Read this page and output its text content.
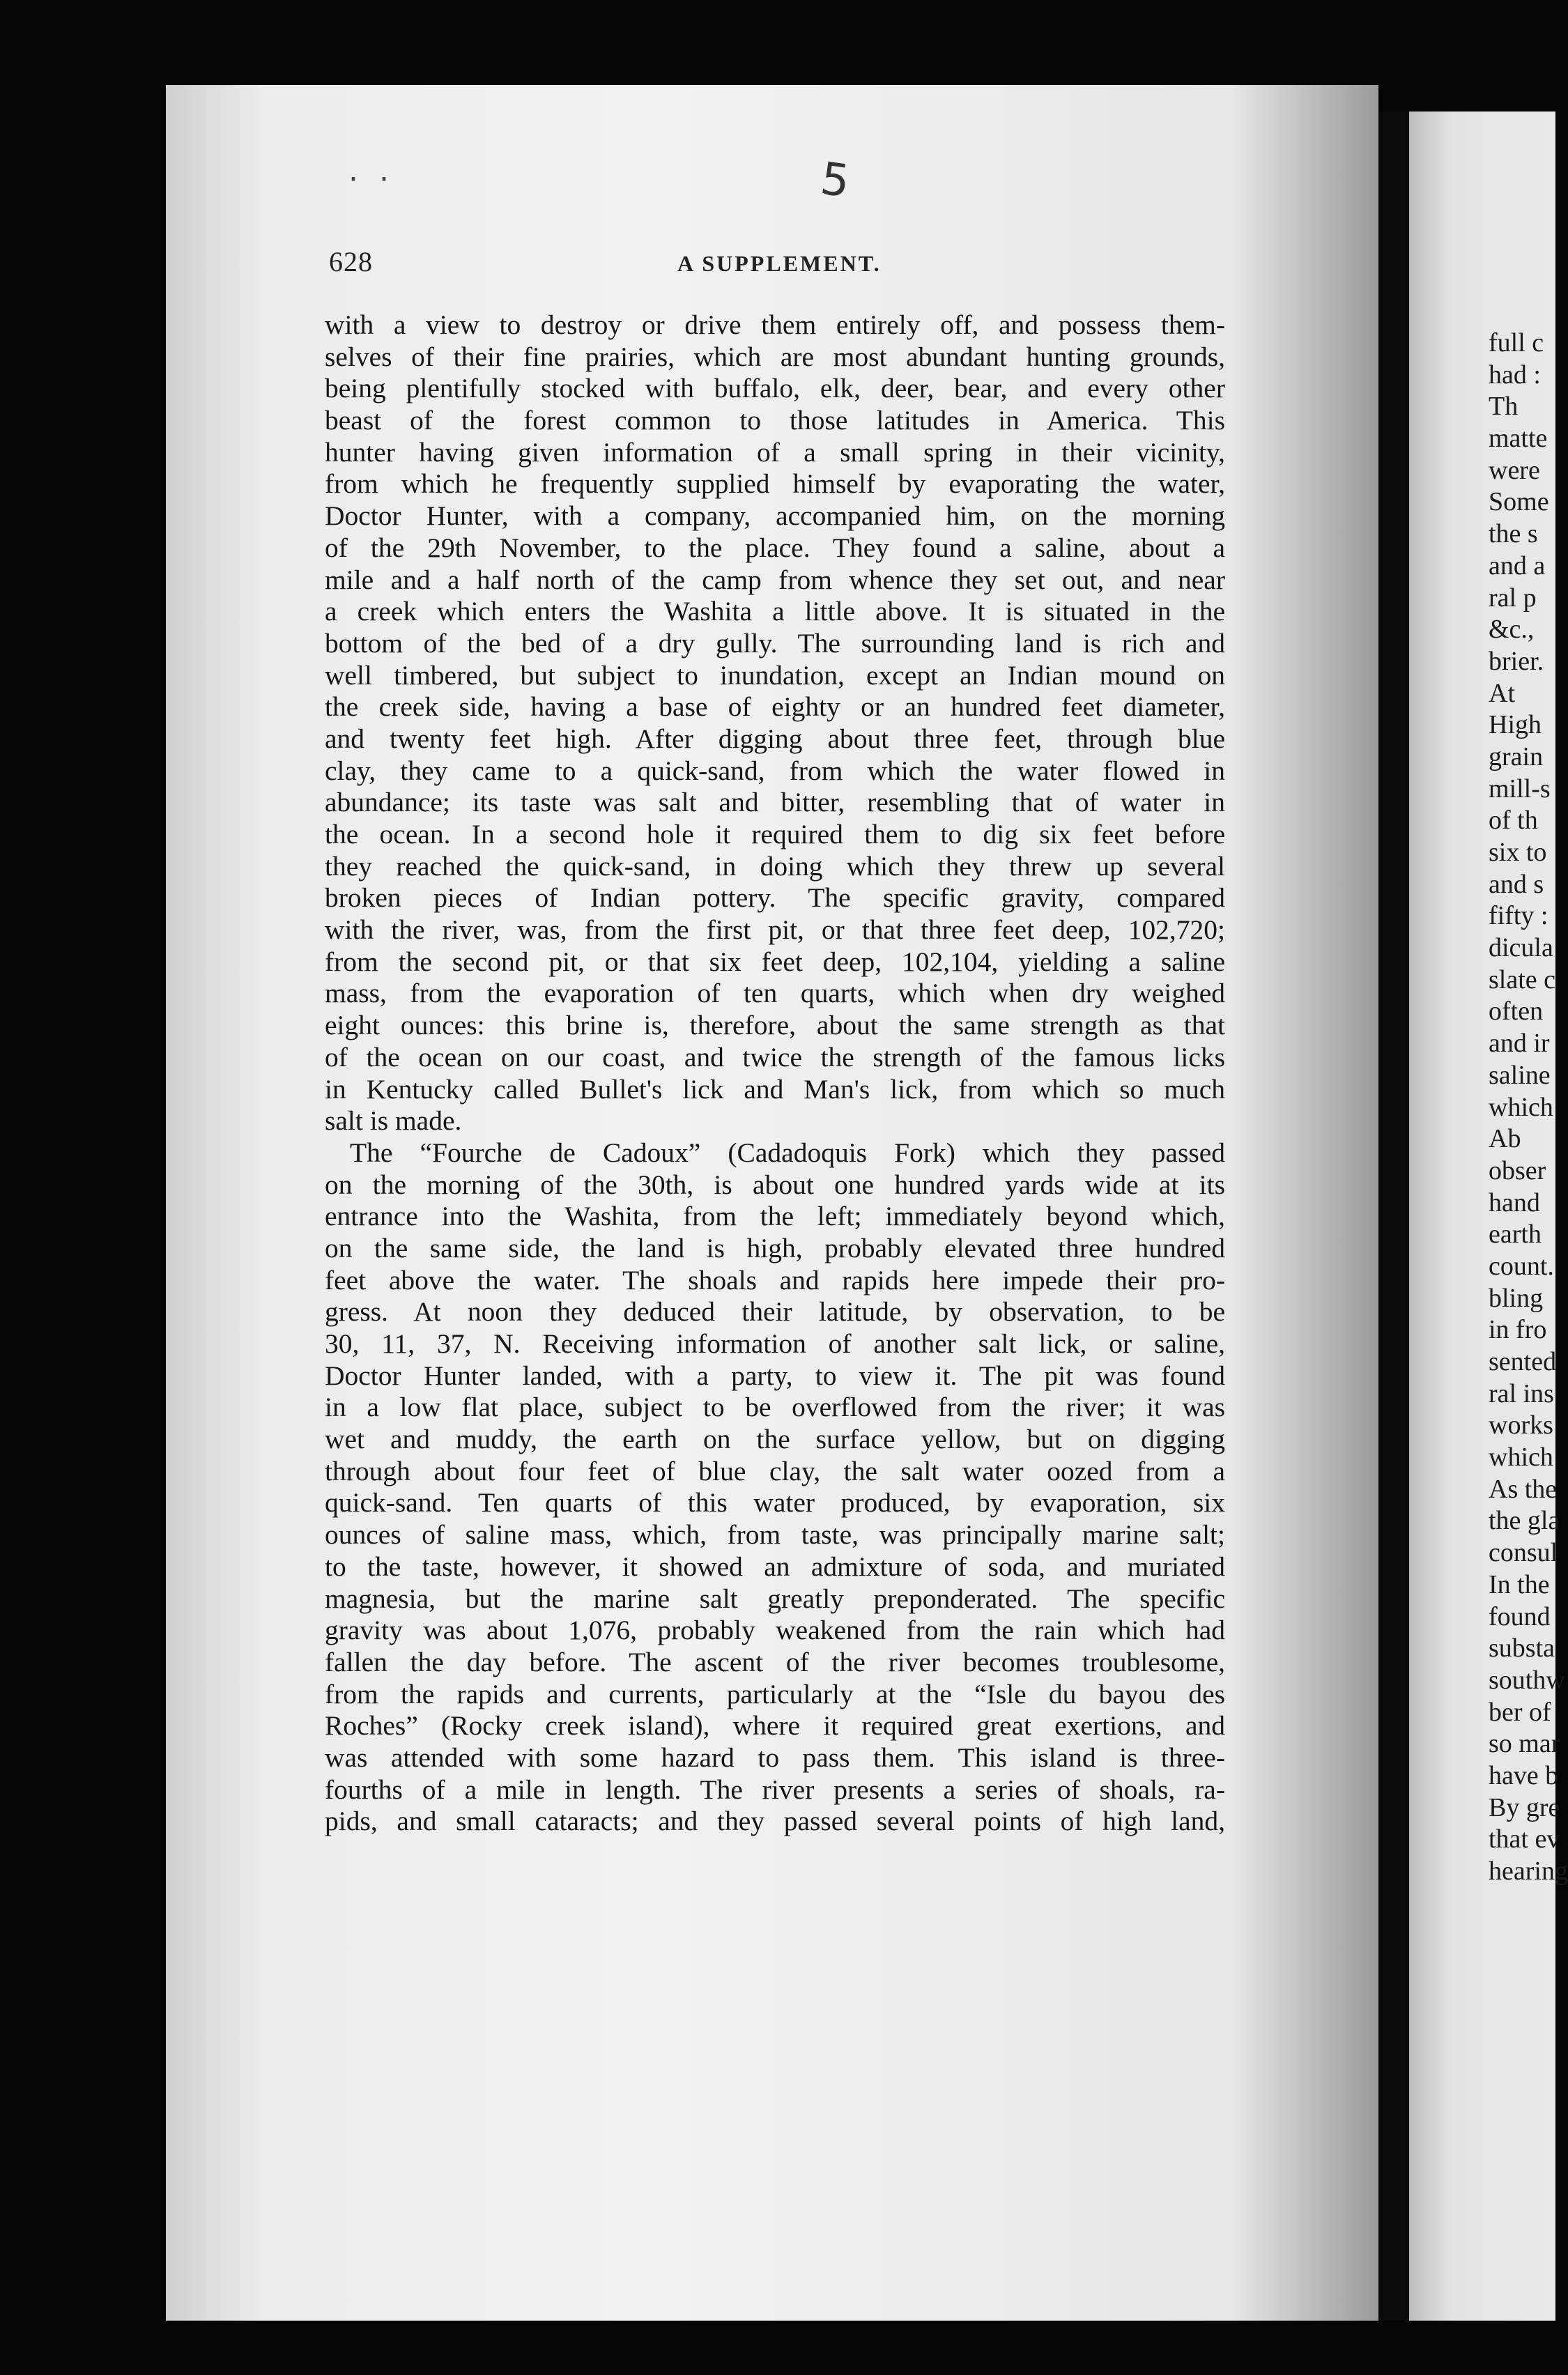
· ·	5
628	A SUPPLEMENT.
with a view to destroy or drive them entirely off, and possess them-
selves of their fine prairies, which are most abundant hunting grounds,
being plentifully stocked with buffalo, elk, deer, bear, and every other
beast of the forest common to those latitudes in America. This
hunter having given information of a small spring in their vicinity,
from which he frequently supplied himself by evaporating the water,
Doctor Hunter, with a company, accompanied him, on the morning
of the 29th November, to the place. They found a saline, about a
mile and a half north of the camp from whence they set out, and near
a creek which enters the Washita a little above. It is situated in the
bottom of the bed of a dry gully. The surrounding land is rich and
well timbered, but subject to inundation, except an Indian mound on
the creek side, having a base of eighty or an hundred feet diameter,
and twenty feet high. After digging about three feet, through blue
clay, they came to a quick-sand, from which the water flowed in
abundance; its taste was salt and bitter, resembling that of water in
the ocean. In a second hole it required them to dig six feet before
they reached the quick-sand, in doing which they threw up several
broken pieces of Indian pottery. The specific gravity, compared
with the river, was, from the first pit, or that three feet deep, 102,720;
from the second pit, or that six feet deep, 102,104, yielding a saline
mass, from the evaporation of ten quarts, which when dry weighed
eight ounces: this brine is, therefore, about the same strength as that
of the ocean on our coast, and twice the strength of the famous licks
in Kentucky called Bullet's lick and Man's lick, from which so much
salt is made.
The “Fourche de Cadoux” (Cadadoquis Fork) which they passed
on the morning of the 30th, is about one hundred yards wide at its
entrance into the Washita, from the left; immediately beyond which,
on the same side, the land is high, probably elevated three hundred
feet above the water. The shoals and rapids here impede their pro-
gress. At noon they deduced their latitude, by observation, to be
30, 11, 37, N. Receiving information of another salt lick, or saline,
Doctor Hunter landed, with a party, to view it. The pit was found
in a low flat place, subject to be overflowed from the river; it was
wet and muddy, the earth on the surface yellow, but on digging
through about four feet of blue clay, the salt water oozed from a
quick-sand. Ten quarts of this water produced, by evaporation, six
ounces of saline mass, which, from taste, was principally marine salt;
to the taste, however, it showed an admixture of soda, and muriated
magnesia, but the marine salt greatly preponderated. The specific
gravity was about 1,076, probably weakened from the rain which had
fallen the day before. The ascent of the river becomes troublesome,
from the rapids and currents, particularly at the “Isle du bayou des
Roches” (Rocky creek island), where it required great exertions, and
was attended with some hazard to pass them. This island is three-
fourths of a mile in length. The river presents a series of shoals, ra-
pids, and small cataracts; and they passed several points of high land,
full c
had :
Th
matte
were
Some
the s
and a
ral p
&c.,
brier.
At
High
grain
mill-s
of th
six to
and s
fifty :
dicula
slate c
often
and ir
saline
which
Ab
obser
hand
earth
count.
bling
in fro
sented
ral ins
works
which
As the
the gla
consul
In the
found
substa
southw
ber of
so mar
have b
By gre
that ev
hearing
